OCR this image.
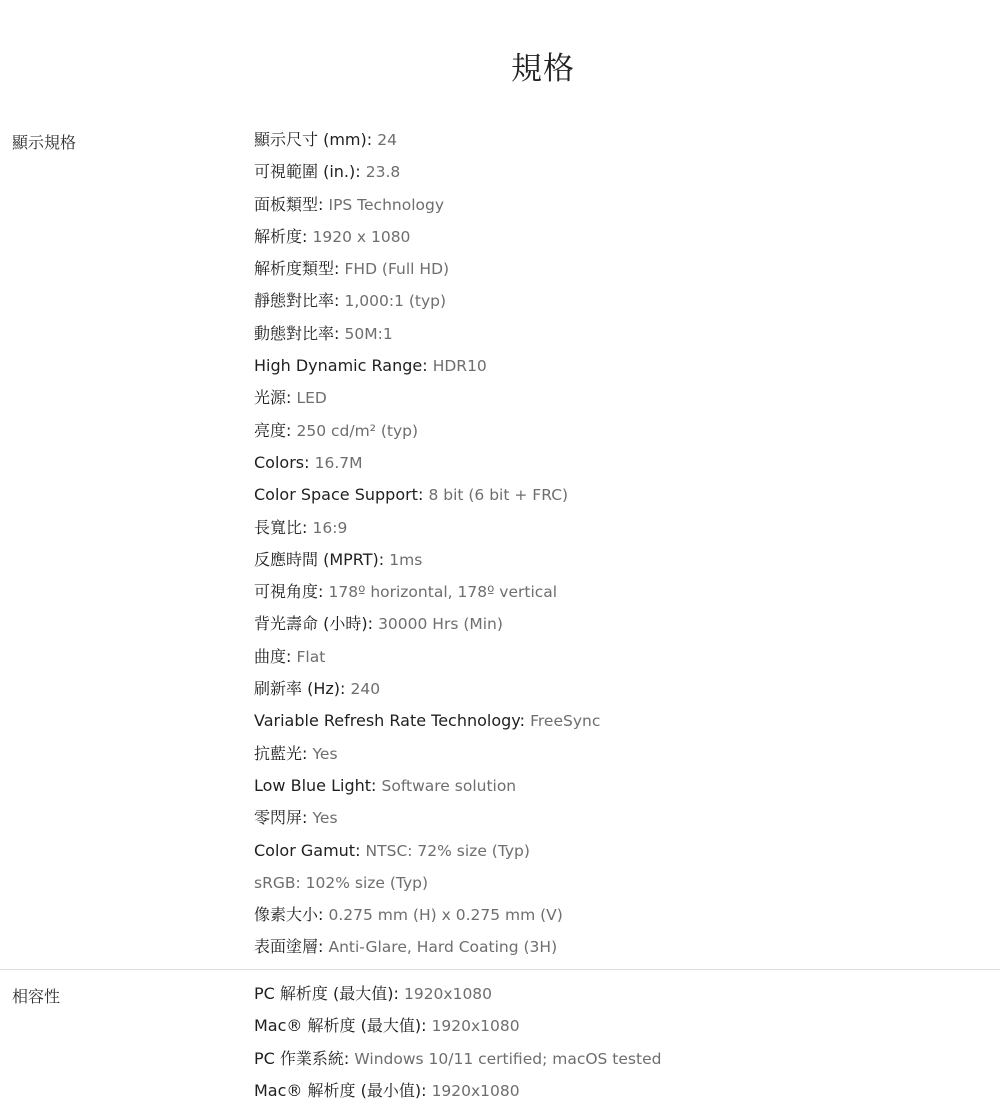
規格
顯示規格	顯示尺寸 (mm): 24
可視範圍 (in.): 23.8
面板類型: IPS Technology
解析度: 1920 x 1080
解析度類型: FHD (Full HD)
靜態對比率: 1,000:1 (typ)
動態對比率: 50M:1
High Dynamic Range: HDR10
光源: LED
亮度: 250 cd/m² (typ)
Colors: 16.7M
Color Space Support: 8 bit (6 bit + FRC)
長寬比: 16:9
反應時間 (MPRT): 1ms
可視角度: 178º horizontal, 178º vertical
背光壽命 (小時): 30000 Hrs (Min)
曲度: Flat
刷新率 (Hz): 240
Variable Refresh Rate Technology: FreeSync
抗藍光: Yes
Low Blue Light: Software solution
零閃屏: Yes
Color Gamut: NTSC: 72% size (Typ)
sRGB: 102% size (Typ)
像素大小: 0.275 mm (H) x 0.275 mm (V)
表面塗層: Anti-Glare, Hard Coating (3H)
相容性	PC 解析度 (最大值): 1920x1080
Mac® 解析度 (最大值): 1920x1080
PC 作業系統: Windows 10/11 certified; macOS tested
Mac® 解析度 (最小值): 1920x1080
